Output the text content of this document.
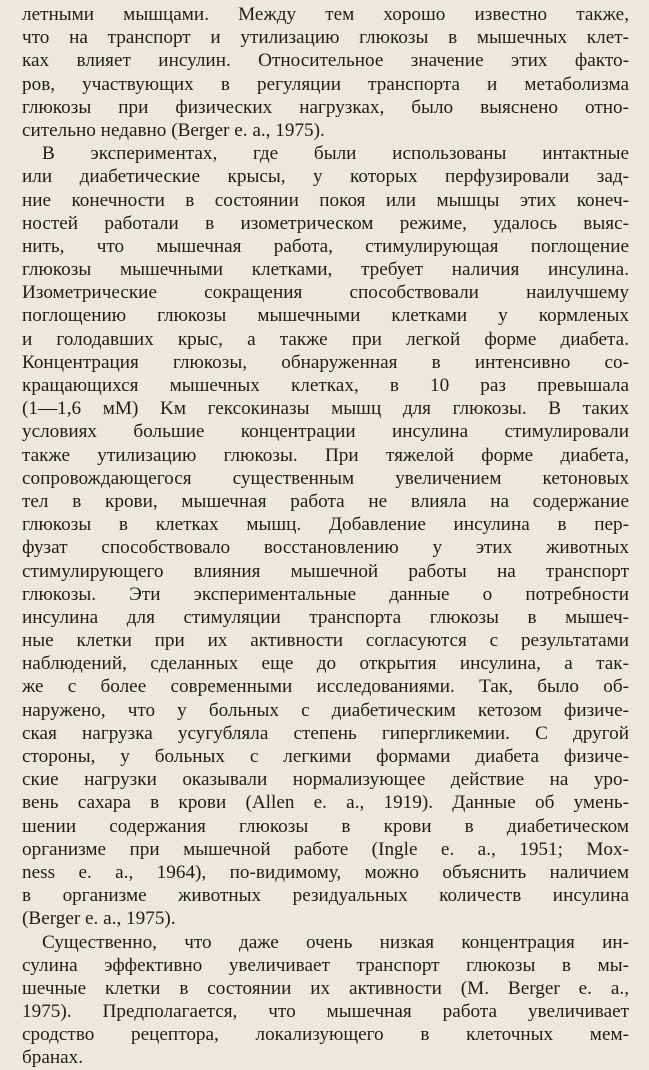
летными мышцами. Между тем хорошо известно также,
что на транспорт и утилизацию глюкозы в мышечных клет-
ках влияет инсулин. Относительное значение этих факто-
ров, участвующих в регуляции транспорта и метаболизма
глюкозы при физических нагрузках, было выяснено отно-
сительно недавно (Berger e. a., 1975).
В экспериментах, где были использованы интактные
или диабетические крысы, у которых перфузировали зад-
ние конечности в состоянии покоя или мышцы этих конеч-
ностей работали в изометрическом режиме, удалось выяс-
нить, что мышечная работа, стимулирующая поглощение
глюкозы мышечными клетками, требует наличия инсулина.
Изометрические сокращения способствовали наилучшему
поглощению глюкозы мышечными клетками у кормленых
и голодавших крыс, а также при легкой форме диабета.
Концентрация глюкозы, обнаруженная в интенсивно со-
кращающихся мышечных клетках, в 10 раз превышала
(1—1,6 мМ) Kм гексокиназы мышц для глюкозы. В таких
условиях большие концентрации инсулина стимулировали
также утилизацию глюкозы. При тяжелой форме диабета,
сопровождающегося существенным увеличением кетоновых
тел в крови, мышечная работа не влияла на содержание
глюкозы в клетках мышц. Добавление инсулина в пер-
фузат способствовало восстановлению у этих животных
стимулирующего влияния мышечной работы на транспорт
глюкозы. Эти экспериментальные данные о потребности
инсулина для стимуляции транспорта глюкозы в мышеч-
ные клетки при их активности согласуются с результатами
наблюдений, сделанных еще до открытия инсулина, а так-
же с более современными исследованиями. Так, было об-
наружено, что у больных с диабетическим кетозом физиче-
ская нагрузка усугубляла степень гипергликемии. С другой
стороны, у больных с легкими формами диабета физиче-
ские нагрузки оказывали нормализующее действие на уро-
вень сахара в крови (Allen e. a., 1919). Данные об умень-
шении содержания глюкозы в крови в диабетическом
организме при мышечной работе (Ingle e. a., 1951; Mox-
ness e. a., 1964), по-видимому, можно объяснить наличием
в организме животных резидуальных количеств инсулина
(Berger e. a., 1975).
Существенно, что даже очень низкая концентрация ин-
сулина эффективно увеличивает транспорт глюкозы в мы-
шечные клетки в состоянии их активности (M. Berger e. a.,
1975). Предполагается, что мышечная работа увеличивает
сродство рецептора, локализующего в клеточных мем-
бранах.
